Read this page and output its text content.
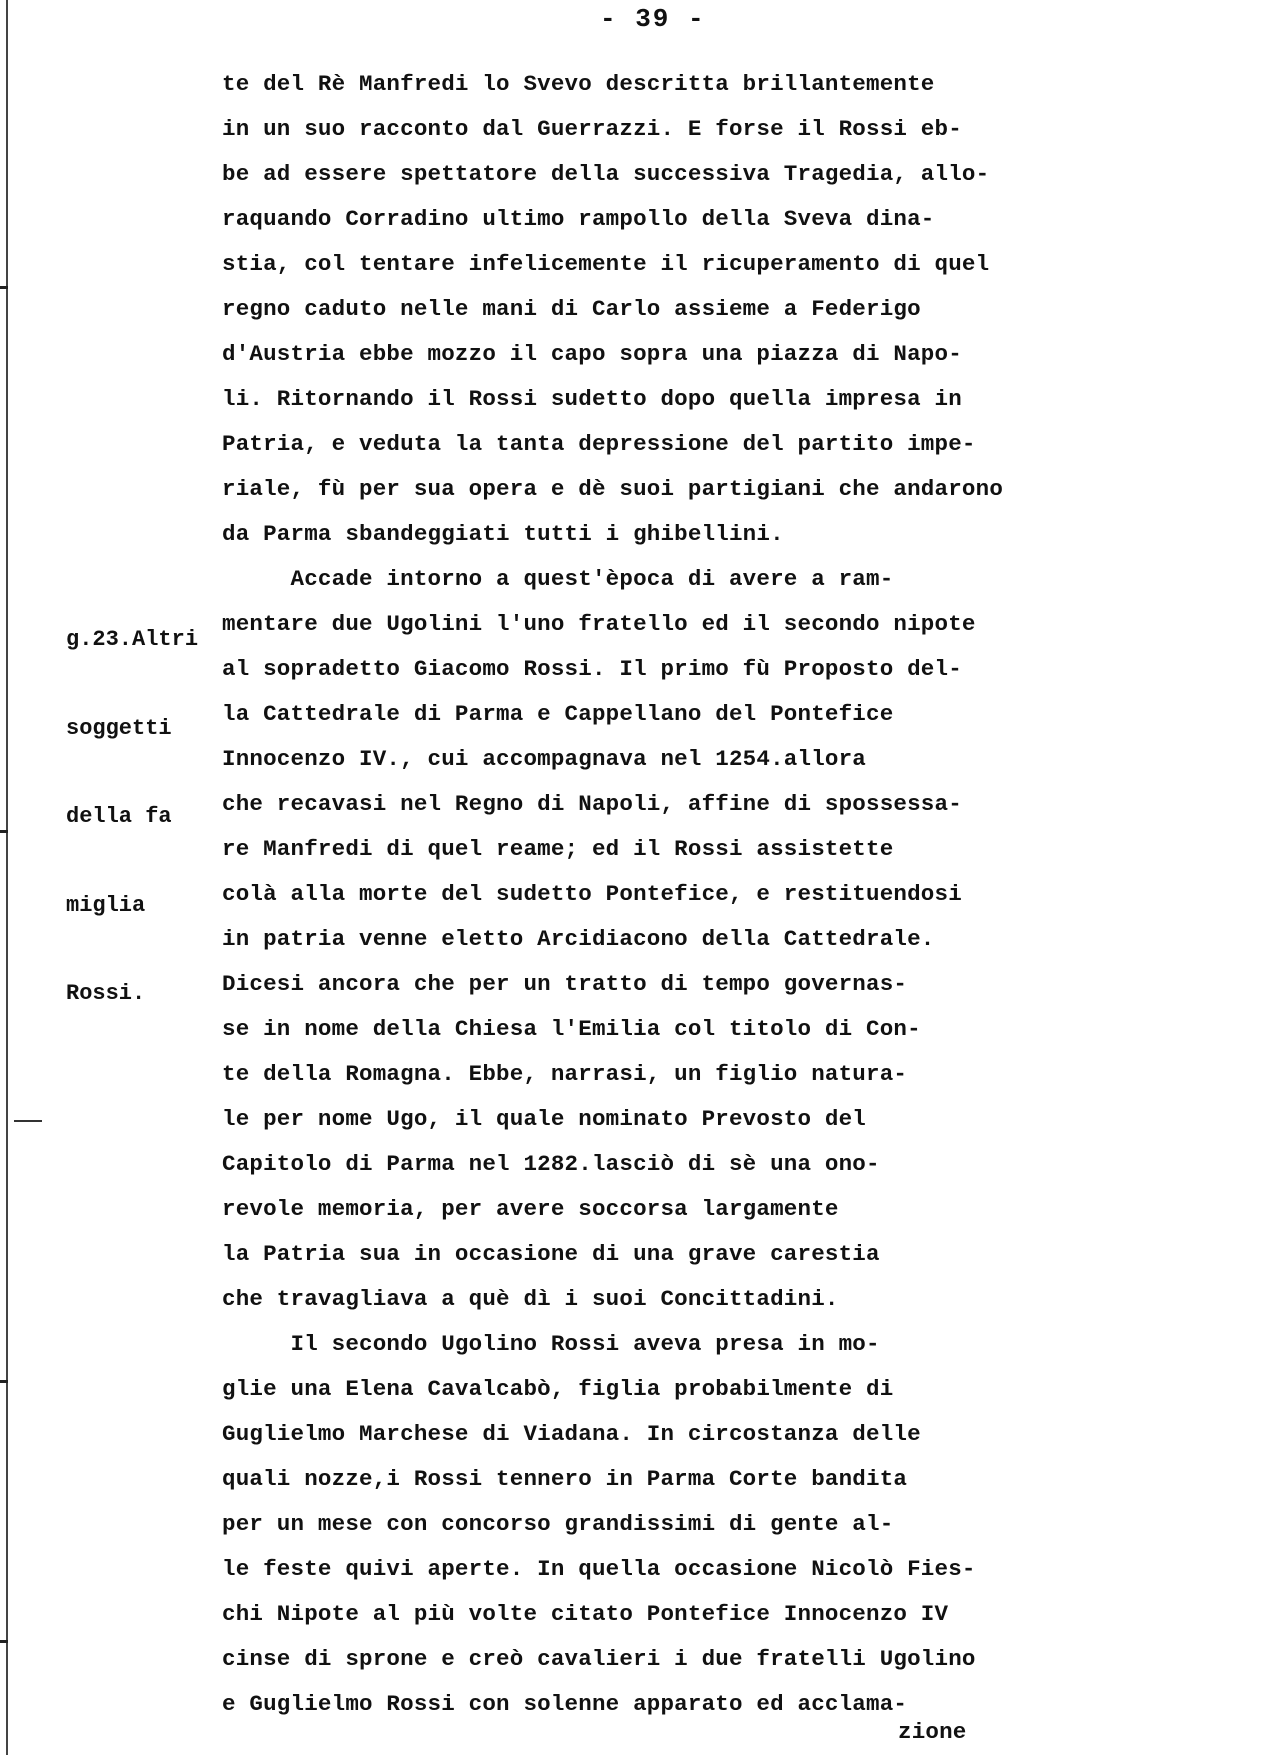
- 39 -

g.23.Altri

soggetti

della fa

miglia

Rossi.

te del Rè Manfredi lo Svevo descritta brillantemente
in un suo racconto dal Guerrazzi. E forse il Rossi eb-
be ad essere spettatore della successiva Tragedia, allo-
raquando Corradino ultimo rampollo della Sveva dina-
stia, col tentare infelicemente il ricuperamento di quel
regno caduto nelle mani di Carlo assieme a Federigo
d'Austria ebbe mozzo il capo sopra una piazza di Napo-
li. Ritornando il Rossi sudetto dopo quella impresa in
Patria, e veduta la tanta depressione del partito impe-
riale, fù per sua opera e dè suoi partigiani che andarono
da Parma sbandeggiati tutti i ghibellini.
Accade intorno a quest'època di avere a ram-
mentare due Ugolini l'uno fratello ed il secondo nipote
al sopradetto Giacomo Rossi. Il primo fù Proposto del-
la Cattedrale di Parma e Cappellano del Pontefice
Innocenzo IV., cui accompagnava nel 1254.allora
che recavasi nel Regno di Napoli, affine di spossessa-
re Manfredi di quel reame; ed il Rossi assistette
colà alla morte del sudetto Pontefice, e restituendosi
in patria venne eletto Arcidiacono della Cattedrale.
Dicesi ancora che per un tratto di tempo governas-
se in nome della Chiesa l'Emilia col titolo di Con-
te della Romagna. Ebbe, narrasi, un figlio natura-
le per nome Ugo, il quale nominato Prevosto del
Capitolo di Parma nel 1282.lasciò di sè una ono-
revole memoria, per avere soccorsa largamente
la Patria sua in occasione di una grave carestia
che travagliava a què dì i suoi Concittadini.
Il secondo Ugolino Rossi aveva presa in mo-
glie una Elena Cavalcabò, figlia probabilmente di
Guglielmo Marchese di Viadana. In circostanza delle
quali nozze,i Rossi tennero in Parma Corte bandita
per un mese con concorso grandissimi di gente al-
le feste quivi aperte. In quella occasione Nicolò Fies-
chi Nipote al più volte citato Pontefice Innocenzo IV
cinse di sprone e creò cavalieri i due fratelli Ugolino
e Guglielmo Rossi con solenne apparato ed acclama-
zione
